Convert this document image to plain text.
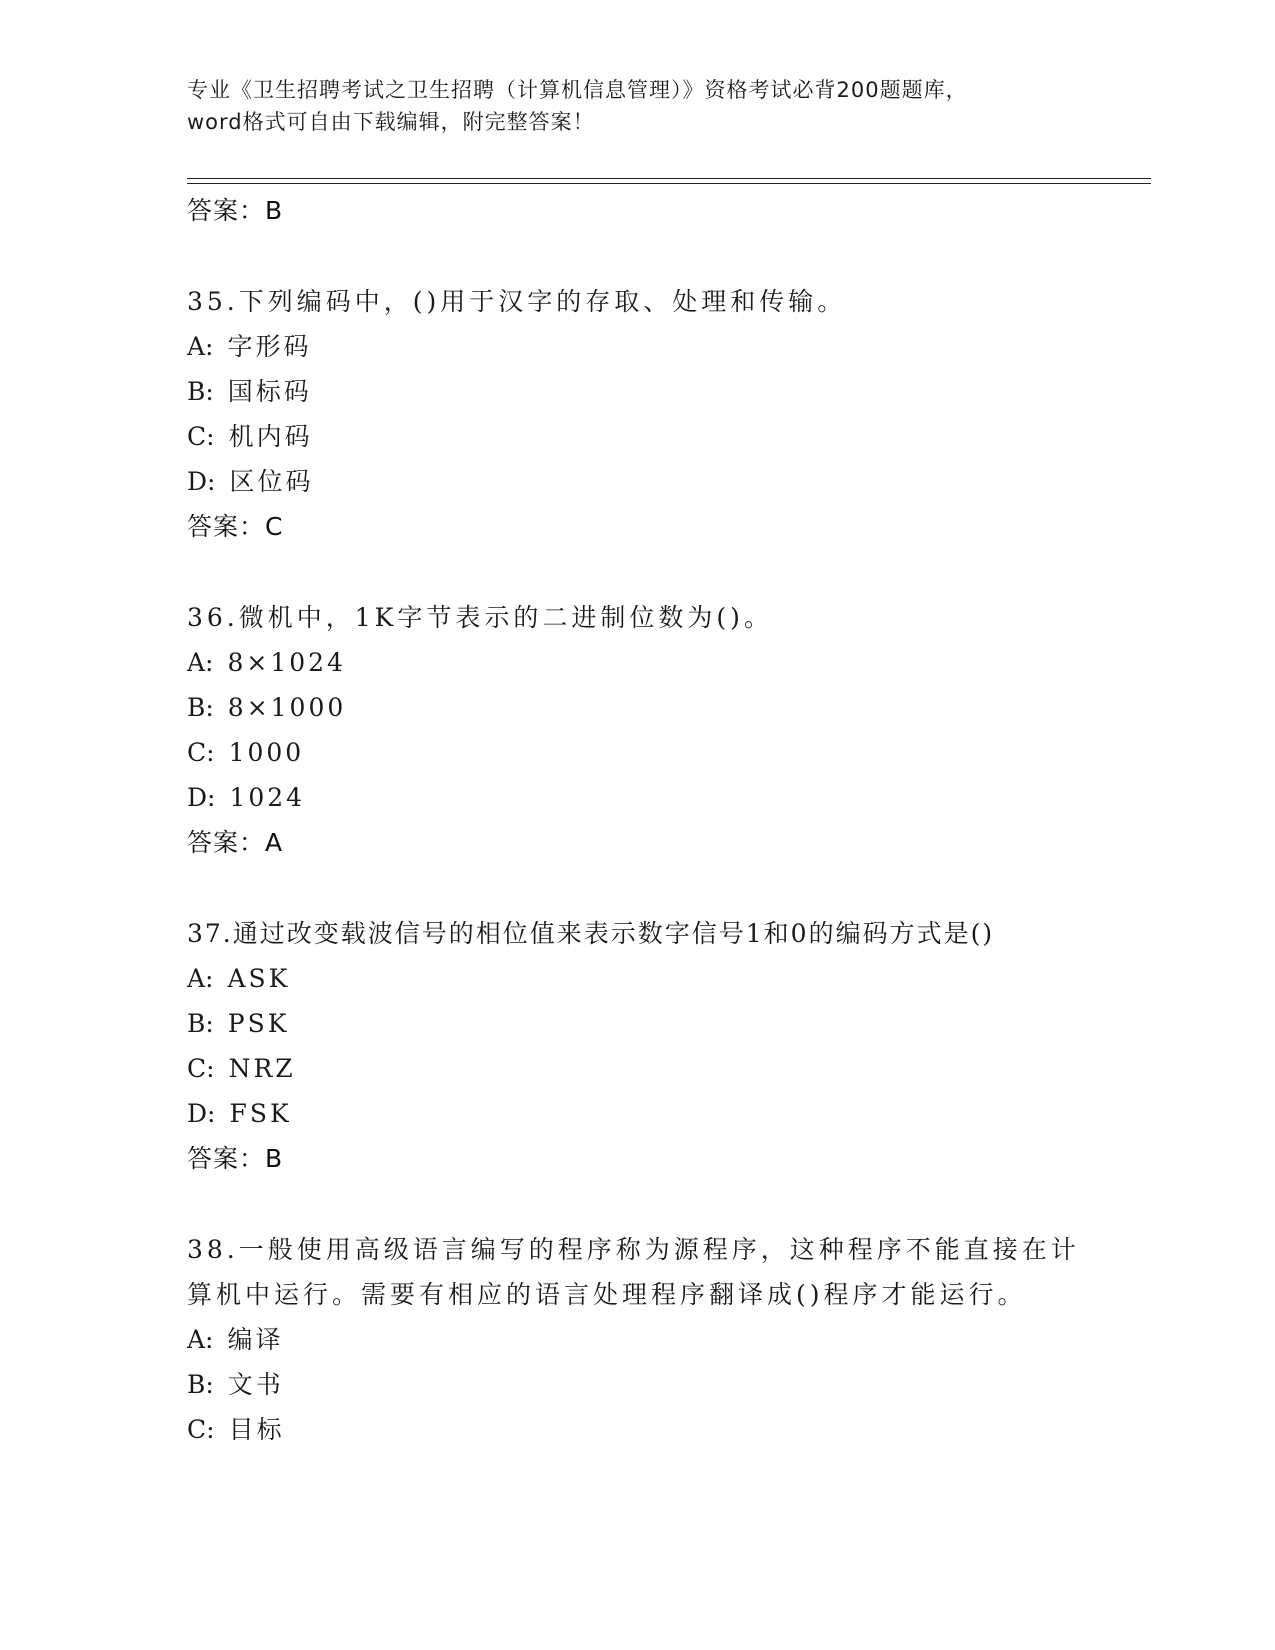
专业《卫生招聘考试之卫生招聘（计算机信息管理）》资格考试必背200题题库，
word格式可自由下载编辑，附完整答案！
答案：B
35.下列编码中，()用于汉字的存取、处理和传输。
A: 字形码
B: 国标码
C: 机内码
D: 区位码
答案：C
36.微机中，1K字节表示的二进制位数为()。
A: 8×1024
B: 8×1000
C: 1000
D: 1024
答案：A
37.通过改变载波信号的相位值来表示数字信号1和0的编码方式是()
A: ASK
B: PSK
C: NRZ
D: FSK
答案：B
38.一般使用高级语言编写的程序称为源程序，这种程序不能直接在计算机中运行。需要有相应的语言处理程序翻译成()程序才能运行。
A: 编译
B: 文书
C: 目标
